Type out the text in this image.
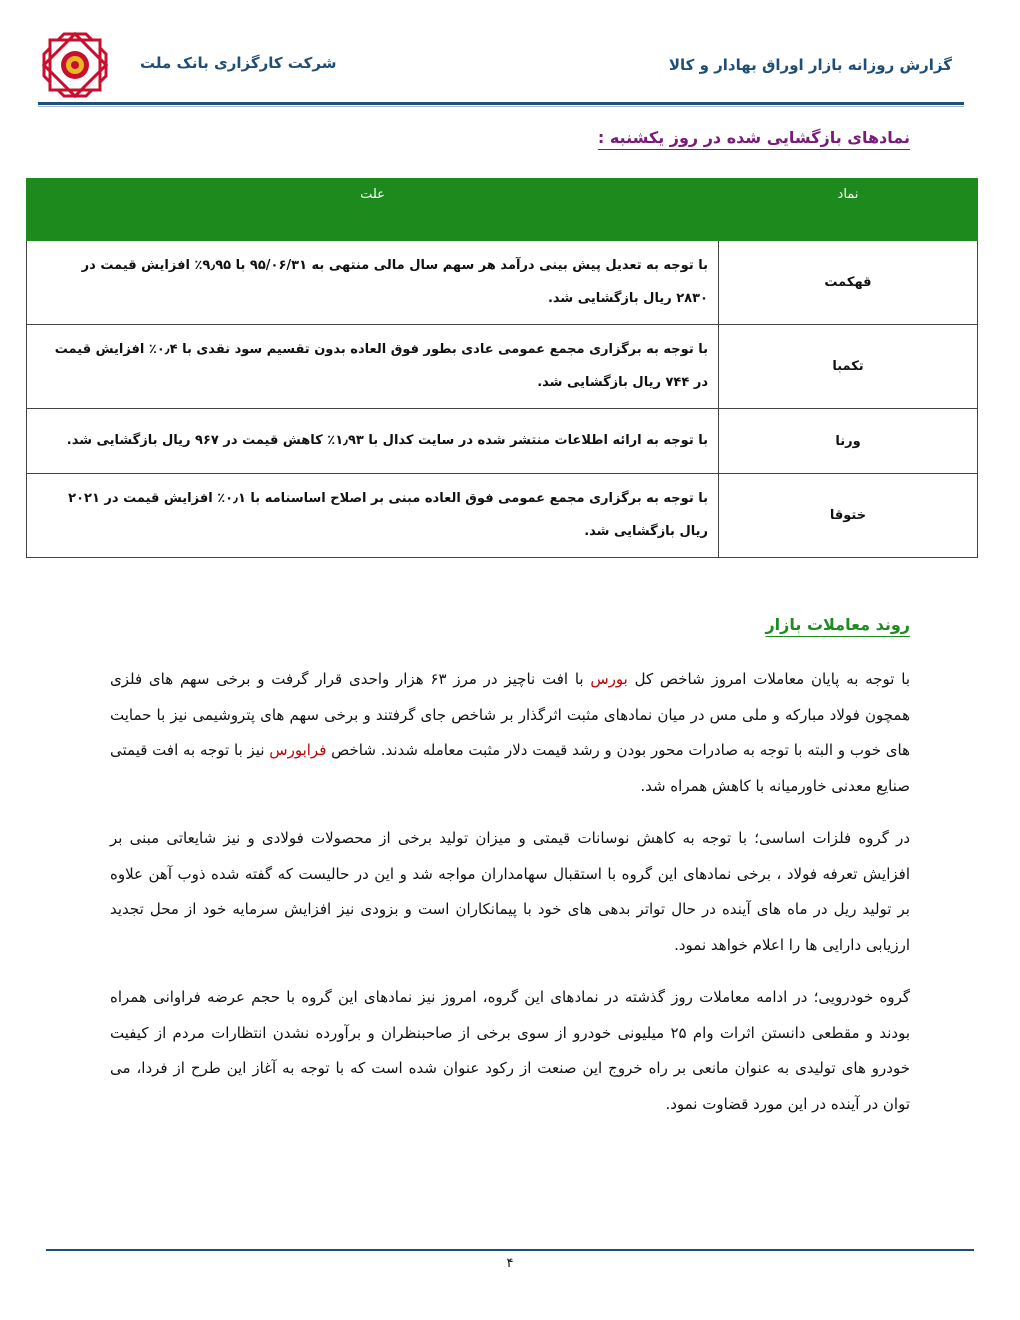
گزارش روزانه بازار اوراق بهادار و کالا
شرکت کارگزاری بانک ملت
نمادهای بازگشایی شده در روز یکشنبه :
نماد	علت
قهکمت	با توجه به تعدیل پیش بینی درآمد هر سهم سال مالی منتهی به ۹۵/۰۶/۳۱ با ۹٫۹۵٪ افزایش قیمت در ۲۸۳۰ ریال بازگشایی شد.
تکمبا	با توجه به برگزاری مجمع عمومی عادی بطور فوق العاده بدون تقسیم سود نقدی با ۰٫۴٪ افزایش قیمت در ۷۴۴ ریال بازگشایی شد.
ورنا	با توجه به ارائه اطلاعات منتشر شده در سایت کدال با ۱٫۹۳٪ کاهش قیمت در ۹۶۷ ریال بازگشایی شد.
ختوقا	با توجه به برگزاری مجمع عمومی فوق العاده مبنی بر اصلاح اساسنامه با ۰٫۱٪ افزایش قیمت در ۲۰۲۱ ریال بازگشایی شد.
روند معاملات بازار

با توجه به پایان معاملات امروز شاخص کل بورس با افت ناچیز در مرز ۶۳ هزار واحدی قرار گرفت و برخی سهم های فلزی همچون فولاد مبارکه و ملی مس در میان نمادهای مثبت اثرگذار بر شاخص جای گرفتند و برخی سهم های پتروشیمی نیز با حمایت های خوب و البته با توجه به صادرات محور بودن و رشد قیمت دلار مثبت معامله شدند. شاخص فرابورس نیز با توجه به افت قیمتی صنایع معدنی خاورمیانه با کاهش همراه شد.

در گروه فلزات اساسی؛ با توجه به کاهش نوسانات قیمتی و میزان تولید برخی از محصولات فولادی و نیز شایعاتی مبنی بر افزایش تعرفه فولاد ، برخی نمادهای این گروه با استقبال سهامداران مواجه شد و این در حالیست که گفته شده ذوب آهن علاوه بر تولید ریل در ماه های آینده در حال تواتر بدهی های خود با پیمانکاران است و بزودی نیز افزایش سرمایه خود از محل تجدید ارزیابی دارایی ها را اعلام خواهد نمود.

گروه خودرویی؛ در ادامه معاملات روز گذشته در نمادهای این گروه، امروز نیز نمادهای این گروه با حجم عرضه فراوانی همراه بودند و مقطعی دانستن اثرات وام ۲۵ میلیونی خودرو از سوی برخی از صاحبنظران و برآورده نشدن انتظارات مردم از کیفیت خودرو های تولیدی به عنوان مانعی بر راه خروج این صنعت از رکود عنوان شده است که با توجه به آغاز این طرح از فردا، می توان در آینده در این مورد قضاوت نمود.

۴
